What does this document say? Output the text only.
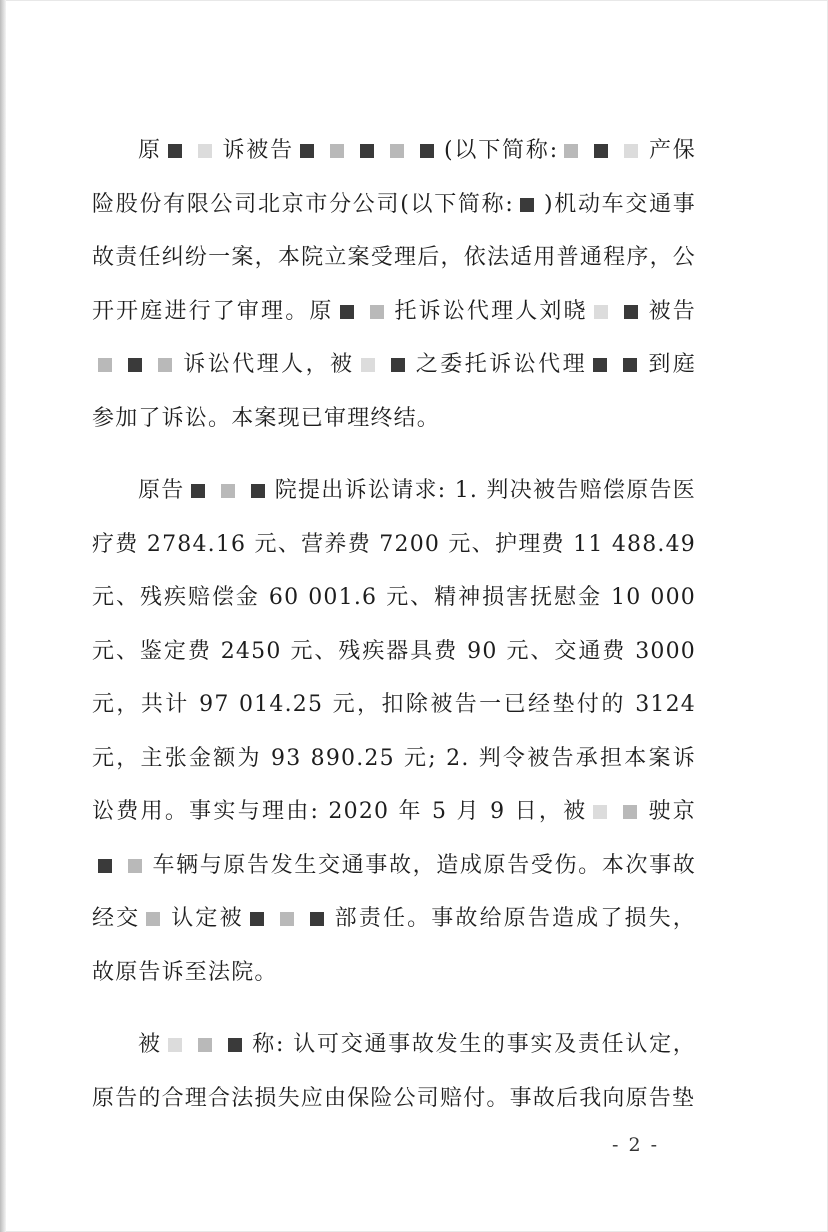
原	诉被告	(以下简称:	产保险股份有限公司北京市分公司(以下简称: )机动车交通事故责任纠纷一案，本院立案受理后，依法适用普通程序，公开开庭进行了审理。原	托诉讼代理人刘晓	被告诉讼代理人，被	之委托诉讼代理	到庭参加了诉讼。本案现已审理终结。

原告	院提出诉讼请求: 1. 判决被告赔偿原告医疗费 2784.16 元、营养费 7200 元、护理费 11 488.49 元、残疾赔偿金 60 001.6 元、精神损害抚慰金 10 000 元、鉴定费 2450 元、残疾器具费 90 元、交通费 3000 元，共计 97 014.25 元，扣除被告一已经垫付的 3124 元，主张金额为 93 890.25 元; 2. 判令被告承担本案诉讼费用。事实与理由: 2020 年 5 月 9 日，被	驶京车辆与原告发生交通事故，造成原告受伤。本次事故经交 认定被	部责任。事故给原告造成了损失，故原告诉至法院。

被	称: 认可交通事故发生的事实及责任认定，原告的合理合法损失应由保险公司赔付。事故后我向原告垫

- 2 -
